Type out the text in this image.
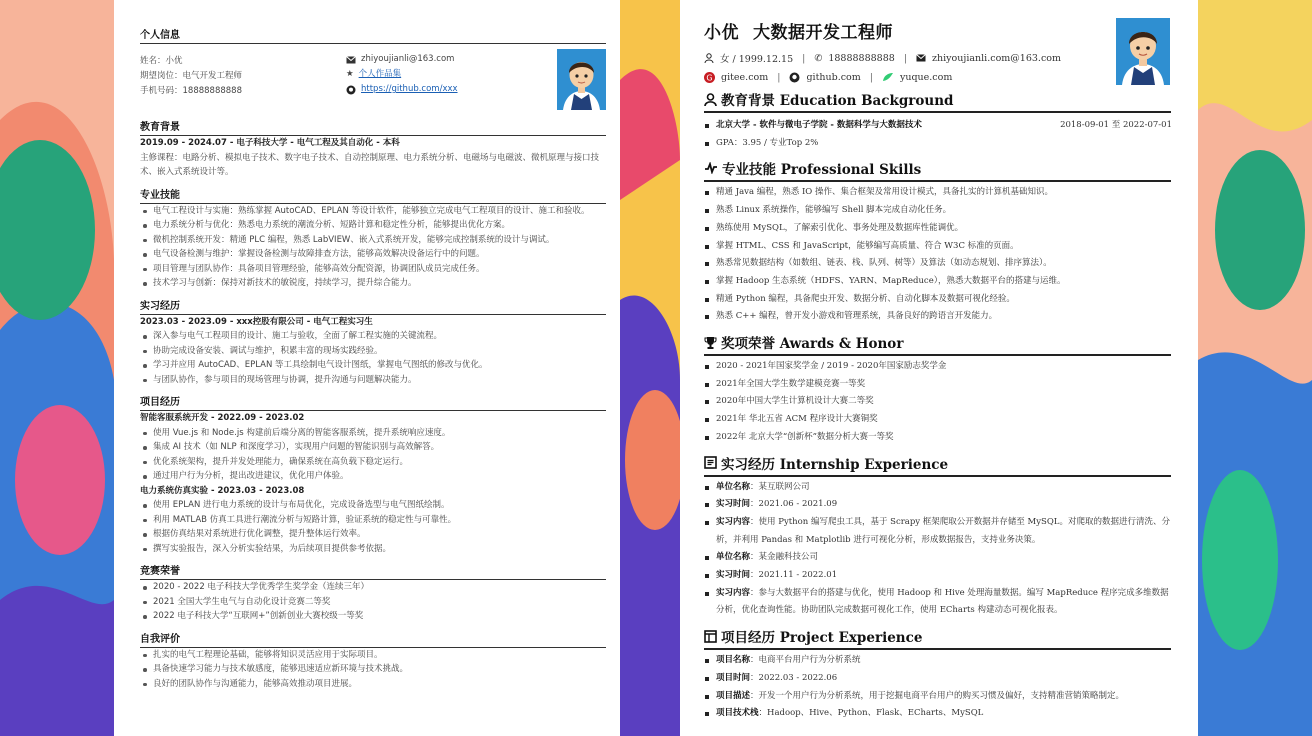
个人信息
姓名：小优
期望岗位：电气开发工程师
手机号码：18888888888
zhiyoujianli@163.com
★ 个人作品集
https://github.com/xxx
教育背景
2019.09 - 2024.07 - 电子科技大学 - 电气工程及其自动化 - 本科
主修课程：电路分析、模拟电子技术、数字电子技术、自动控制原理、电力系统分析、电磁场与电磁波、微机原理与接口技术、嵌入式系统设计等。
专业技能
电气工程设计与实施：熟练掌握 AutoCAD、EPLAN 等设计软件，能够独立完成电气工程项目的设计、施工和验收。
电力系统分析与优化：熟悉电力系统的潮流分析、短路计算和稳定性分析，能够提出优化方案。
微机控制系统开发：精通 PLC 编程，熟悉 LabVIEW、嵌入式系统开发，能够完成控制系统的设计与调试。
电气设备检测与维护：掌握设备检测与故障排查方法，能够高效解决设备运行中的问题。
项目管理与团队协作：具备项目管理经验，能够高效分配资源，协调团队成员完成任务。
技术学习与创新：保持对新技术的敏锐度，持续学习，提升综合能力。
实习经历
2023.03 - 2023.09 - xxx控股有限公司 - 电气工程实习生
深入参与电气工程项目的设计、施工与验收，全面了解工程实施的关键流程。
协助完成设备安装、调试与维护，积累丰富的现场实践经验。
学习并应用 AutoCAD、EPLAN 等工具绘制电气设计图纸，掌握电气图纸的修改与优化。
与团队协作，参与项目的现场管理与协调，提升沟通与问题解决能力。
项目经历
智能客服系统开发 - 2022.09 - 2023.02
使用 Vue.js 和 Node.js 构建前后端分离的智能客服系统，提升系统响应速度。
集成 AI 技术（如 NLP 和深度学习），实现用户问题的智能识别与高效解答。
优化系统架构，提升并发处理能力，确保系统在高负载下稳定运行。
通过用户行为分析，提出改进建议，优化用户体验。
电力系统仿真实验 - 2023.03 - 2023.08
使用 EPLAN 进行电力系统的设计与布局优化，完成设备选型与电气图纸绘制。
利用 MATLAB 仿真工具进行潮流分析与短路计算，验证系统的稳定性与可靠性。
根据仿真结果对系统进行优化调整，提升整体运行效率。
撰写实验报告，深入分析实验结果，为后续项目提供参考依据。
竞赛荣誉
2020 - 2022 电子科技大学优秀学生奖学金（连续三年）
2021 全国大学生电气与自动化设计竞赛二等奖
2022 电子科技大学“互联网+”创新创业大赛校级一等奖
自我评价
扎实的电气工程理论基础，能够将知识灵活应用于实际项目。
具备快速学习能力与技术敏感度，能够迅速适应新环境与技术挑战。
良好的团队协作与沟通能力，能够高效推动项目进展。
小优 大数据开发工程师
女 / 1999.12.15 | ✆ 18888888888 |	zhiyoujianli.com@163.com
G gitee.com |	github.com |	yuque.com
教育背景 Education Background
北京大学 - 软件与微电子学院 - 数据科学与大数据技术	2018-09-01 至 2022-07-01
GPA：3.95 / 专业Top 2%
专业技能 Professional Skills
精通 Java 编程，熟悉 IO 操作、集合框架及常用设计模式，具备扎实的计算机基础知识。
熟悉 Linux 系统操作，能够编写 Shell 脚本完成自动化任务。
熟练使用 MySQL，了解索引优化、事务处理及数据库性能调优。
掌握 HTML、CSS 和 JavaScript，能够编写高质量、符合 W3C 标准的页面。
熟悉常见数据结构（如数组、链表、栈、队列、树等）及算法（如动态规划、排序算法）。
掌握 Hadoop 生态系统（HDFS、YARN、MapReduce），熟悉大数据平台的搭建与运维。
精通 Python 编程，具备爬虫开发、数据分析、自动化脚本及数据可视化经验。
熟悉 C++ 编程，曾开发小游戏和管理系统，具备良好的跨语言开发能力。
奖项荣誉 Awards & Honor
2020 - 2021年国家奖学金 / 2019 - 2020年国家励志奖学金
2021年全国大学生数学建模竞赛一等奖
2020年中国大学生计算机设计大赛二等奖
2021年 华北五省 ACM 程序设计大赛铜奖
2022年 北京大学“创新杯”数据分析大赛一等奖
实习经历 Internship Experience
单位名称：某互联网公司
实习时间：2021.06 - 2021.09
实习内容：使用 Python 编写爬虫工具，基于 Scrapy 框架爬取公开数据并存储至 MySQL。对爬取的数据进行清洗、分析，并利用 Pandas 和 Matplotlib 进行可视化分析，形成数据报告，支持业务决策。
单位名称：某金融科技公司
实习时间：2021.11 - 2022.01
实习内容：参与大数据平台的搭建与优化，使用 Hadoop 和 Hive 处理海量数据。编写 MapReduce 程序完成多维数据分析，优化查询性能。协助团队完成数据可视化工作，使用 ECharts 构建动态可视化报表。
项目经历 Project Experience
项目名称：电商平台用户行为分析系统
项目时间：2022.03 - 2022.06
项目描述：开发一个用户行为分析系统，用于挖掘电商平台用户的购买习惯及偏好，支持精准营销策略制定。
项目技术栈：Hadoop、Hive、Python、Flask、ECharts、MySQL
